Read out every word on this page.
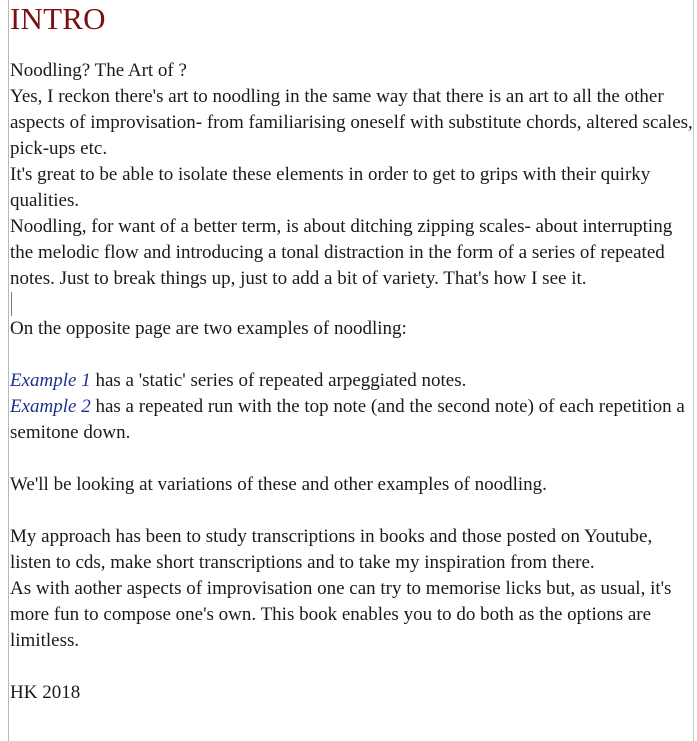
INTRO

Noodling? The Art of ?

Yes, I reckon there's art to noodling in the same way that there is an art to all the other aspects of improvisation- from familiarising oneself with substitute chords, altered scales, pick-ups etc.

It's great to be able to isolate these elements in order to get to grips with their quirky qualities.

Noodling, for want of a better term, is about ditching zipping scales- about interrupting the melodic flow and introducing a tonal distraction in the form of a series of repeated notes. Just to break things up, just to add a bit of variety. That's how I see it.

On the opposite page are two examples of noodling:

Example 1 has a 'static' series of repeated arpeggiated notes.

Example 2 has a repeated run with the top note (and the second note) of each repetition a semitone down.

We'll be looking at variations of these and other examples of noodling.

My approach has been to study transcriptions in books and those posted on Youtube, listen to cds, make short transcriptions and to take my inspiration from there.

As with aother aspects of improvisation one can try to memorise licks but, as usual, it's more fun to compose one's own. This book enables you to do both as the options are limitless.

HK 2018
